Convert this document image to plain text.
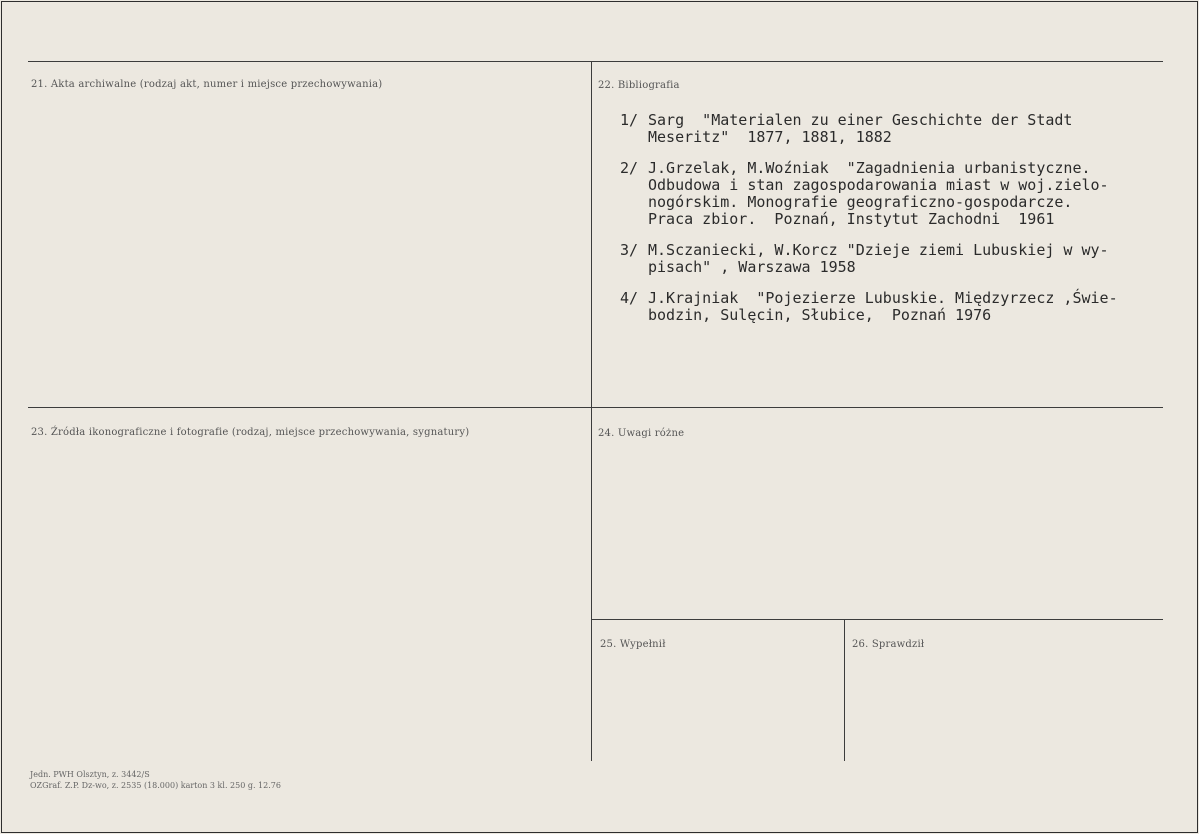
21. Akta archiwalne (rodzaj akt, numer i miejsce przechowywania)	22. Bibliografia
23. Źródła ikonograficzne i fotografie (rodzaj, miejsce przechowywania, sygnatury)	24. Uwagi różne
25. Wypełnił	26. Sprawdził
1/ Sarg  "Materialen zu einer Geschichte der Stadt
Meseritz"  1877, 1881, 1882
2/ J.Grzelak, M.Woźniak  "Zagadnienia urbanistyczne.
Odbudowa i stan zagospodarowania miast w woj.zielo-
nogórskim. Monografie geograficzno-gospodarcze.
Praca zbior.  Poznań, Instytut Zachodni  1961
3/ M.Sczaniecki, W.Korcz "Dzieje ziemi Lubuskiej w wy-
pisach" , Warszawa 1958
4/ J.Krajniak  "Pojezierze Lubuskie. Międzyrzecz ,Świe-
bodzin, Sulęcin, Słubice,  Poznań 1976
Jedn. PWH Olsztyn, z. 3442/S
OZGraf. Z.P. Dz-wo, z. 2535 (18.000) karton 3 kl. 250 g. 12.76
